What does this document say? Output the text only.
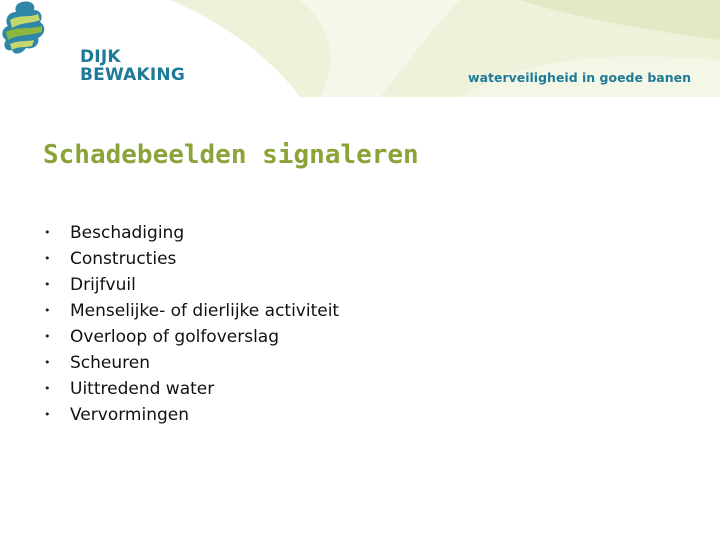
DIJK
BEWAKING	waterveiligheid in goede banen
Schadebeelden signaleren
•	Beschadiging
•	Constructies
•	Drijfvuil
•	Menselijke- of dierlijke activiteit
•	Overloop of golfoverslag
•	Scheuren
•	Uittredend water
•	Vervormingen
